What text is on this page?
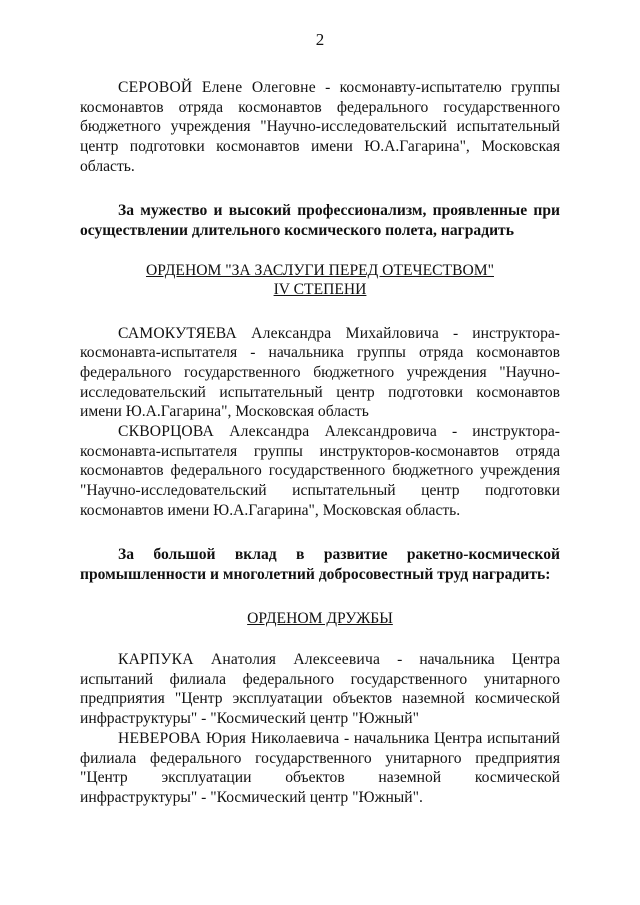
2

СЕРОВОЙ Елене Олеговне - космонавту-испытателю группы космонавтов отряда космонавтов федерального государственного бюджетного учреждения "Научно-исследовательский испытательный центр подготовки космонавтов имени Ю.А.Гагарина", Московская область.

За мужество и высокий профессионализм, проявленные при осуществлении длительного космического полета, наградить

ОРДЕНОМ "ЗА ЗАСЛУГИ ПЕРЕД ОТЕЧЕСТВОМ"

IV СТЕПЕНИ

САМОКУТЯЕВА Александра Михайловича - инструктора-космонавта-испытателя - начальника группы отряда космонавтов федерального государственного бюджетного учреждения "Научно-исследовательский испытательный центр подготовки космонавтов имени Ю.А.Гагарина", Московская область

СКВОРЦОВА Александра Александровича - инструктора-космонавта-испытателя группы инструкторов-космонавтов отряда космонавтов федерального государственного бюджетного учреждения "Научно-исследовательский испытательный центр подготовки космонавтов имени Ю.А.Гагарина", Московская область.

За большой вклад в развитие ракетно-космической промышленности и многолетний добросовестный труд наградить:

ОРДЕНОМ ДРУЖБЫ

КАРПУКА Анатолия Алексеевича - начальника Центра испытаний филиала федерального государственного унитарного предприятия "Центр эксплуатации объектов наземной космической инфраструктуры" - "Космический центр "Южный"

НЕВЕРОВА Юрия Николаевича - начальника Центра испытаний филиала федерального государственного унитарного предприятия "Центр эксплуатации объектов наземной космической инфраструктуры" - "Космический центр "Южный".
